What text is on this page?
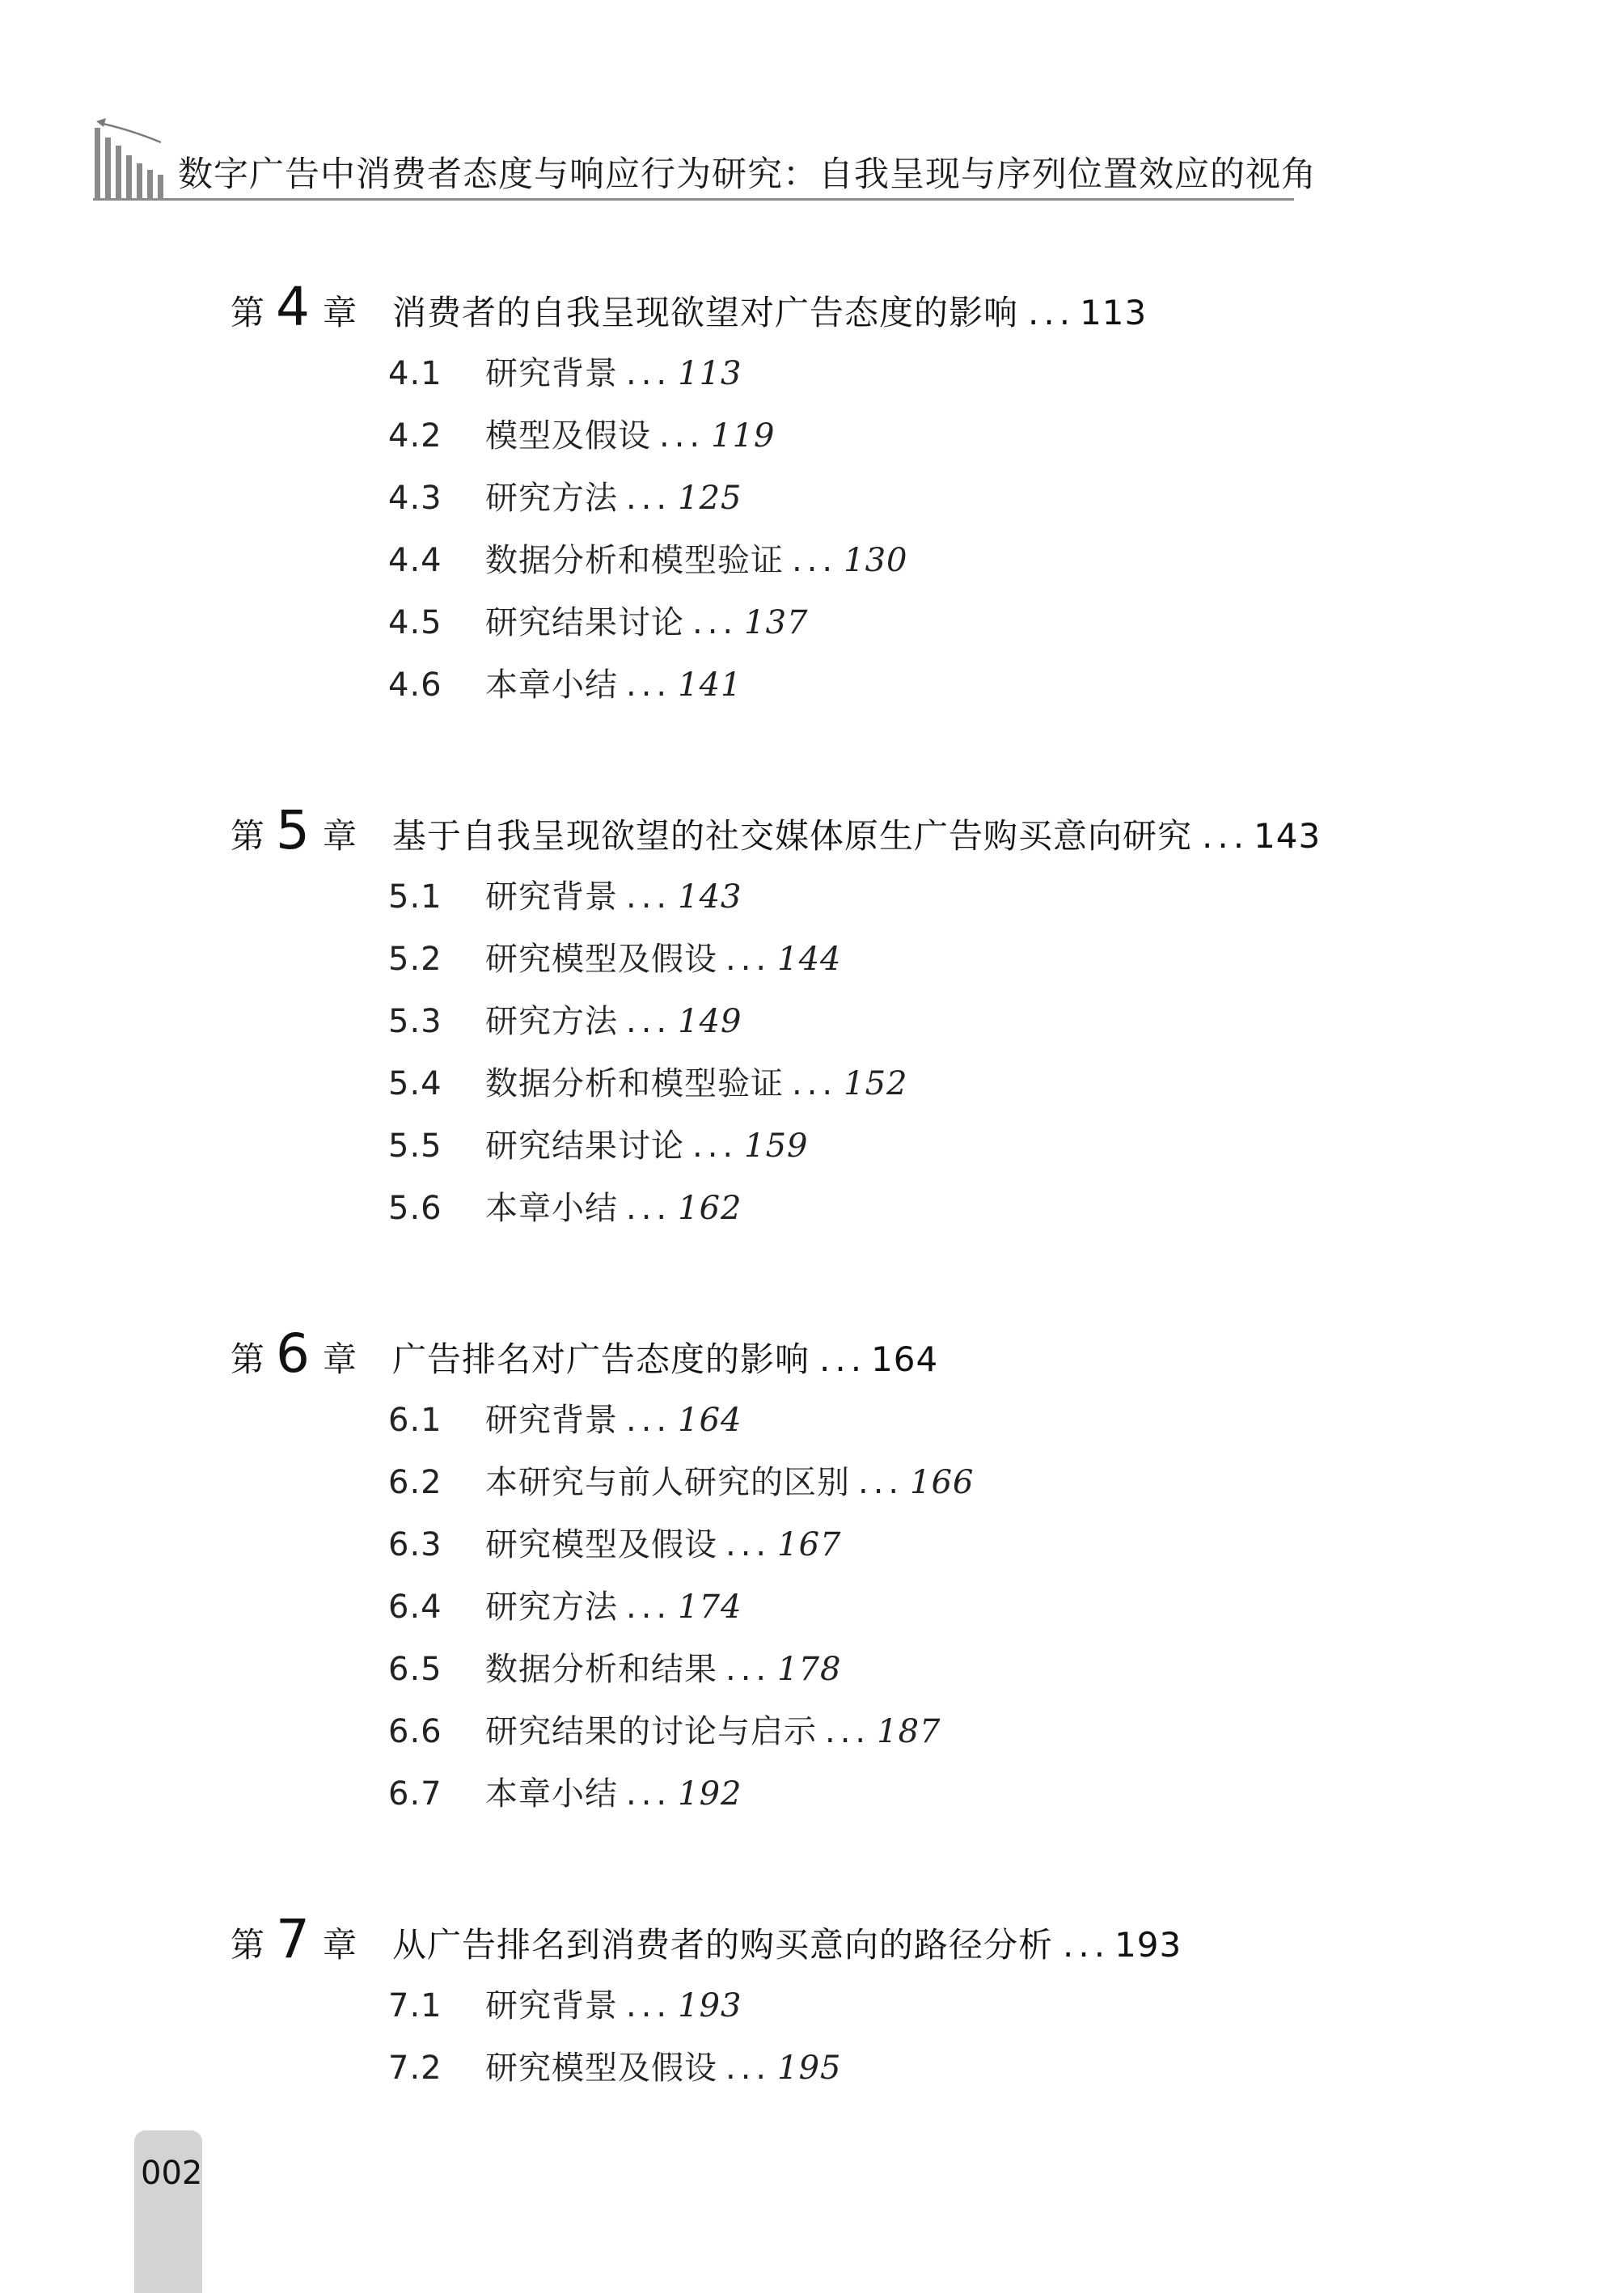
数字广告中消费者态度与响应行为研究：自我呈现与序列位置效应的视角
第 4 章 消费者的自我呈现欲望对广告态度的影响 ... 113
4.1 研究背景 ... 113
4.2 模型及假设 ... 119
4.3 研究方法 ... 125
4.4 数据分析和模型验证 ... 130
4.5 研究结果讨论 ... 137
4.6 本章小结 ... 141
第 5 章 基于自我呈现欲望的社交媒体原生广告购买意向研究 ... 143
5.1 研究背景 ... 143
5.2 研究模型及假设 ... 144
5.3 研究方法 ... 149
5.4 数据分析和模型验证 ... 152
5.5 研究结果讨论 ... 159
5.6 本章小结 ... 162
第 6 章 广告排名对广告态度的影响 ... 164
6.1 研究背景 ... 164
6.2 本研究与前人研究的区别 ... 166
6.3 研究模型及假设 ... 167
6.4 研究方法 ... 174
6.5 数据分析和结果 ... 178
6.6 研究结果的讨论与启示 ... 187
6.7 本章小结 ... 192
第 7 章 从广告排名到消费者的购买意向的路径分析 ... 193
7.1 研究背景 ... 193
7.2 研究模型及假设 ... 195
002
